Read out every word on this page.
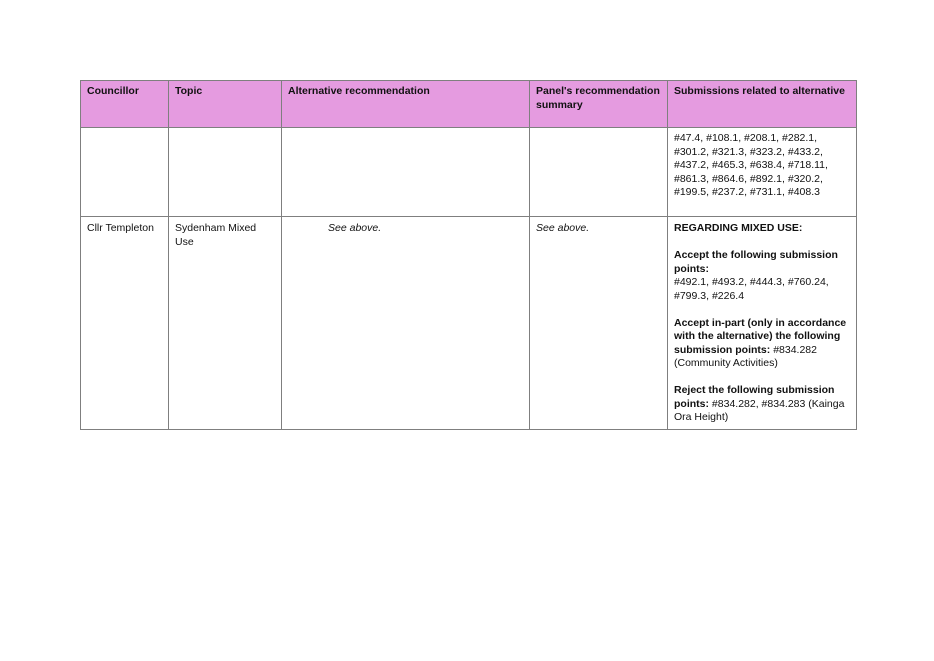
Councillor	Topic	Alternative recommendation	Panel's recommendation summary	Submissions related to alternative
				#47.4, #108.1, #208.1, #282.1, #301.2, #321.3, #323.2, #433.2, #437.2, #465.3, #638.4, #718.11, #861.3, #864.6, #892.1, #320.2, #199.5, #237.2, #731.1, #408.3
Cllr Templeton	Sydenham Mixed Use	See above.	See above.	REGARDING MIXED USE:
Accept the following submission points:
#492.1, #493.2, #444.3, #760.24, #799.3, #226.4
Accept in-part (only in accordance with the alternative) the following submission points: #834.282 (Community Activities)
Reject the following submission points: #834.282, #834.283 (Kainga Ora Height)
